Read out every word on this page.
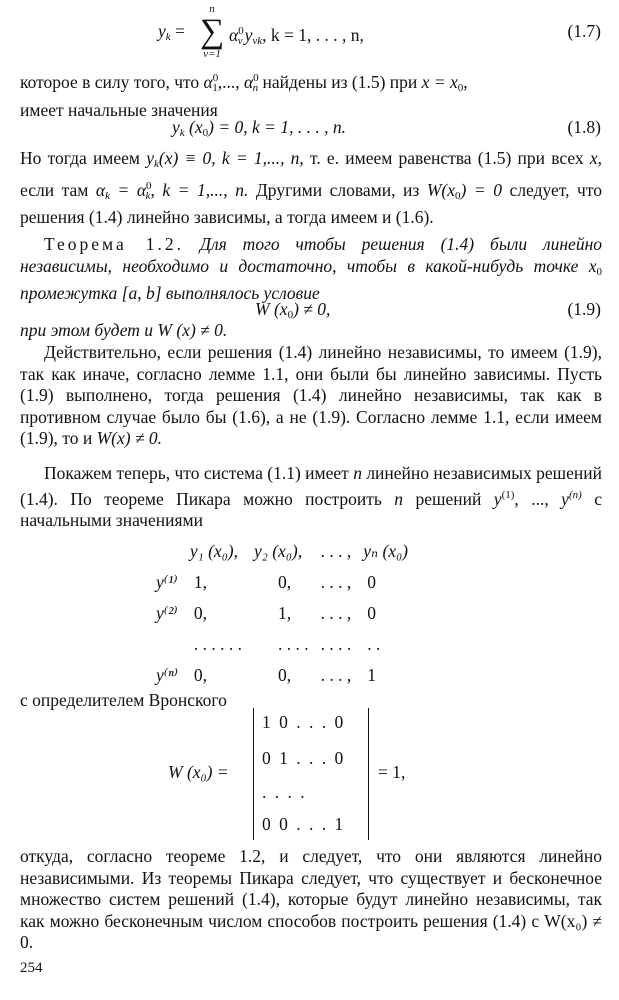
$y_k$ =
n
∑
ν=1
$\alpha^0_\nu$ $y_{\nu k}$, k = 1, . . . , n,	(1.7)

которое в силу того, что $\alpha^0_1$,..., $\alpha^0_n$ найдены из (1.5) при $x = x_0$,
имеет начальные значения

$y_k$ $(x_0) = 0$, k = 1, . . . , n.	(1.8)

Но тогда имеем $y_k(x) \equiv 0$, k = 1,..., n, т. е. имеем равенства (1.5) при всех x, если там $\alpha_k = \alpha^0_k$, k = 1,..., n. Другими словами, из $W(x_0) = 0$ следует, что решения (1.4) линейно зависимы, а тогда имеем и (1.6).

Теорема 1.2. Для того чтобы решения (1.4) были линейно независимы, необходимо и достаточно, чтобы в какой-нибудь точке $x_0$ промежутка [a, b] выполнялось условие

W $(x_0) \ne 0$,	(1.9)

при этом будет и W (x) ≠ 0.

Действительно, если решения (1.4) линейно независимы, то имеем (1.9), так как иначе, согласно лемме 1.1, они были бы линейно зависимы. Пусть (1.9) выполнено, тогда решения (1.4) линейно независимы, так как в противном случае было бы (1.6), а не (1.9). Согласно лемме 1.1, если имеем (1.9), то и W(x) ≠ 0.

Покажем теперь, что система (1.1) имеет n линейно независимых решений (1.4). По теореме Пикара можно построить n решений $y^{(1)}$, ..., $y^{(n)}$ с начальными значениями

	y₁ (x₀),	y₂ (x₀),	. . . ,	yₙ (x₀)
y⁽¹⁾	1,	0,	. . . ,	0
y⁽²⁾	0,	1,	. . . ,	0
	. . . . . .	. . . .	. . . .	. .
y⁽ⁿ⁾	0,	0,	. . . ,	1

с определителем Вронского

W (x₀) =
1 0 . . . 0
0 1 . . . 0
. . . .
0 0 . . . 1
= 1,

откуда, согласно теореме 1.2, и следует, что они являются линейно независимыми. Из теоремы Пикара следует, что существует и бесконечное множество систем решений (1.4), которые будут линейно независимы, так как можно бесконечным числом способов построить решения (1.4) с W(x₀) ≠ 0.

254
